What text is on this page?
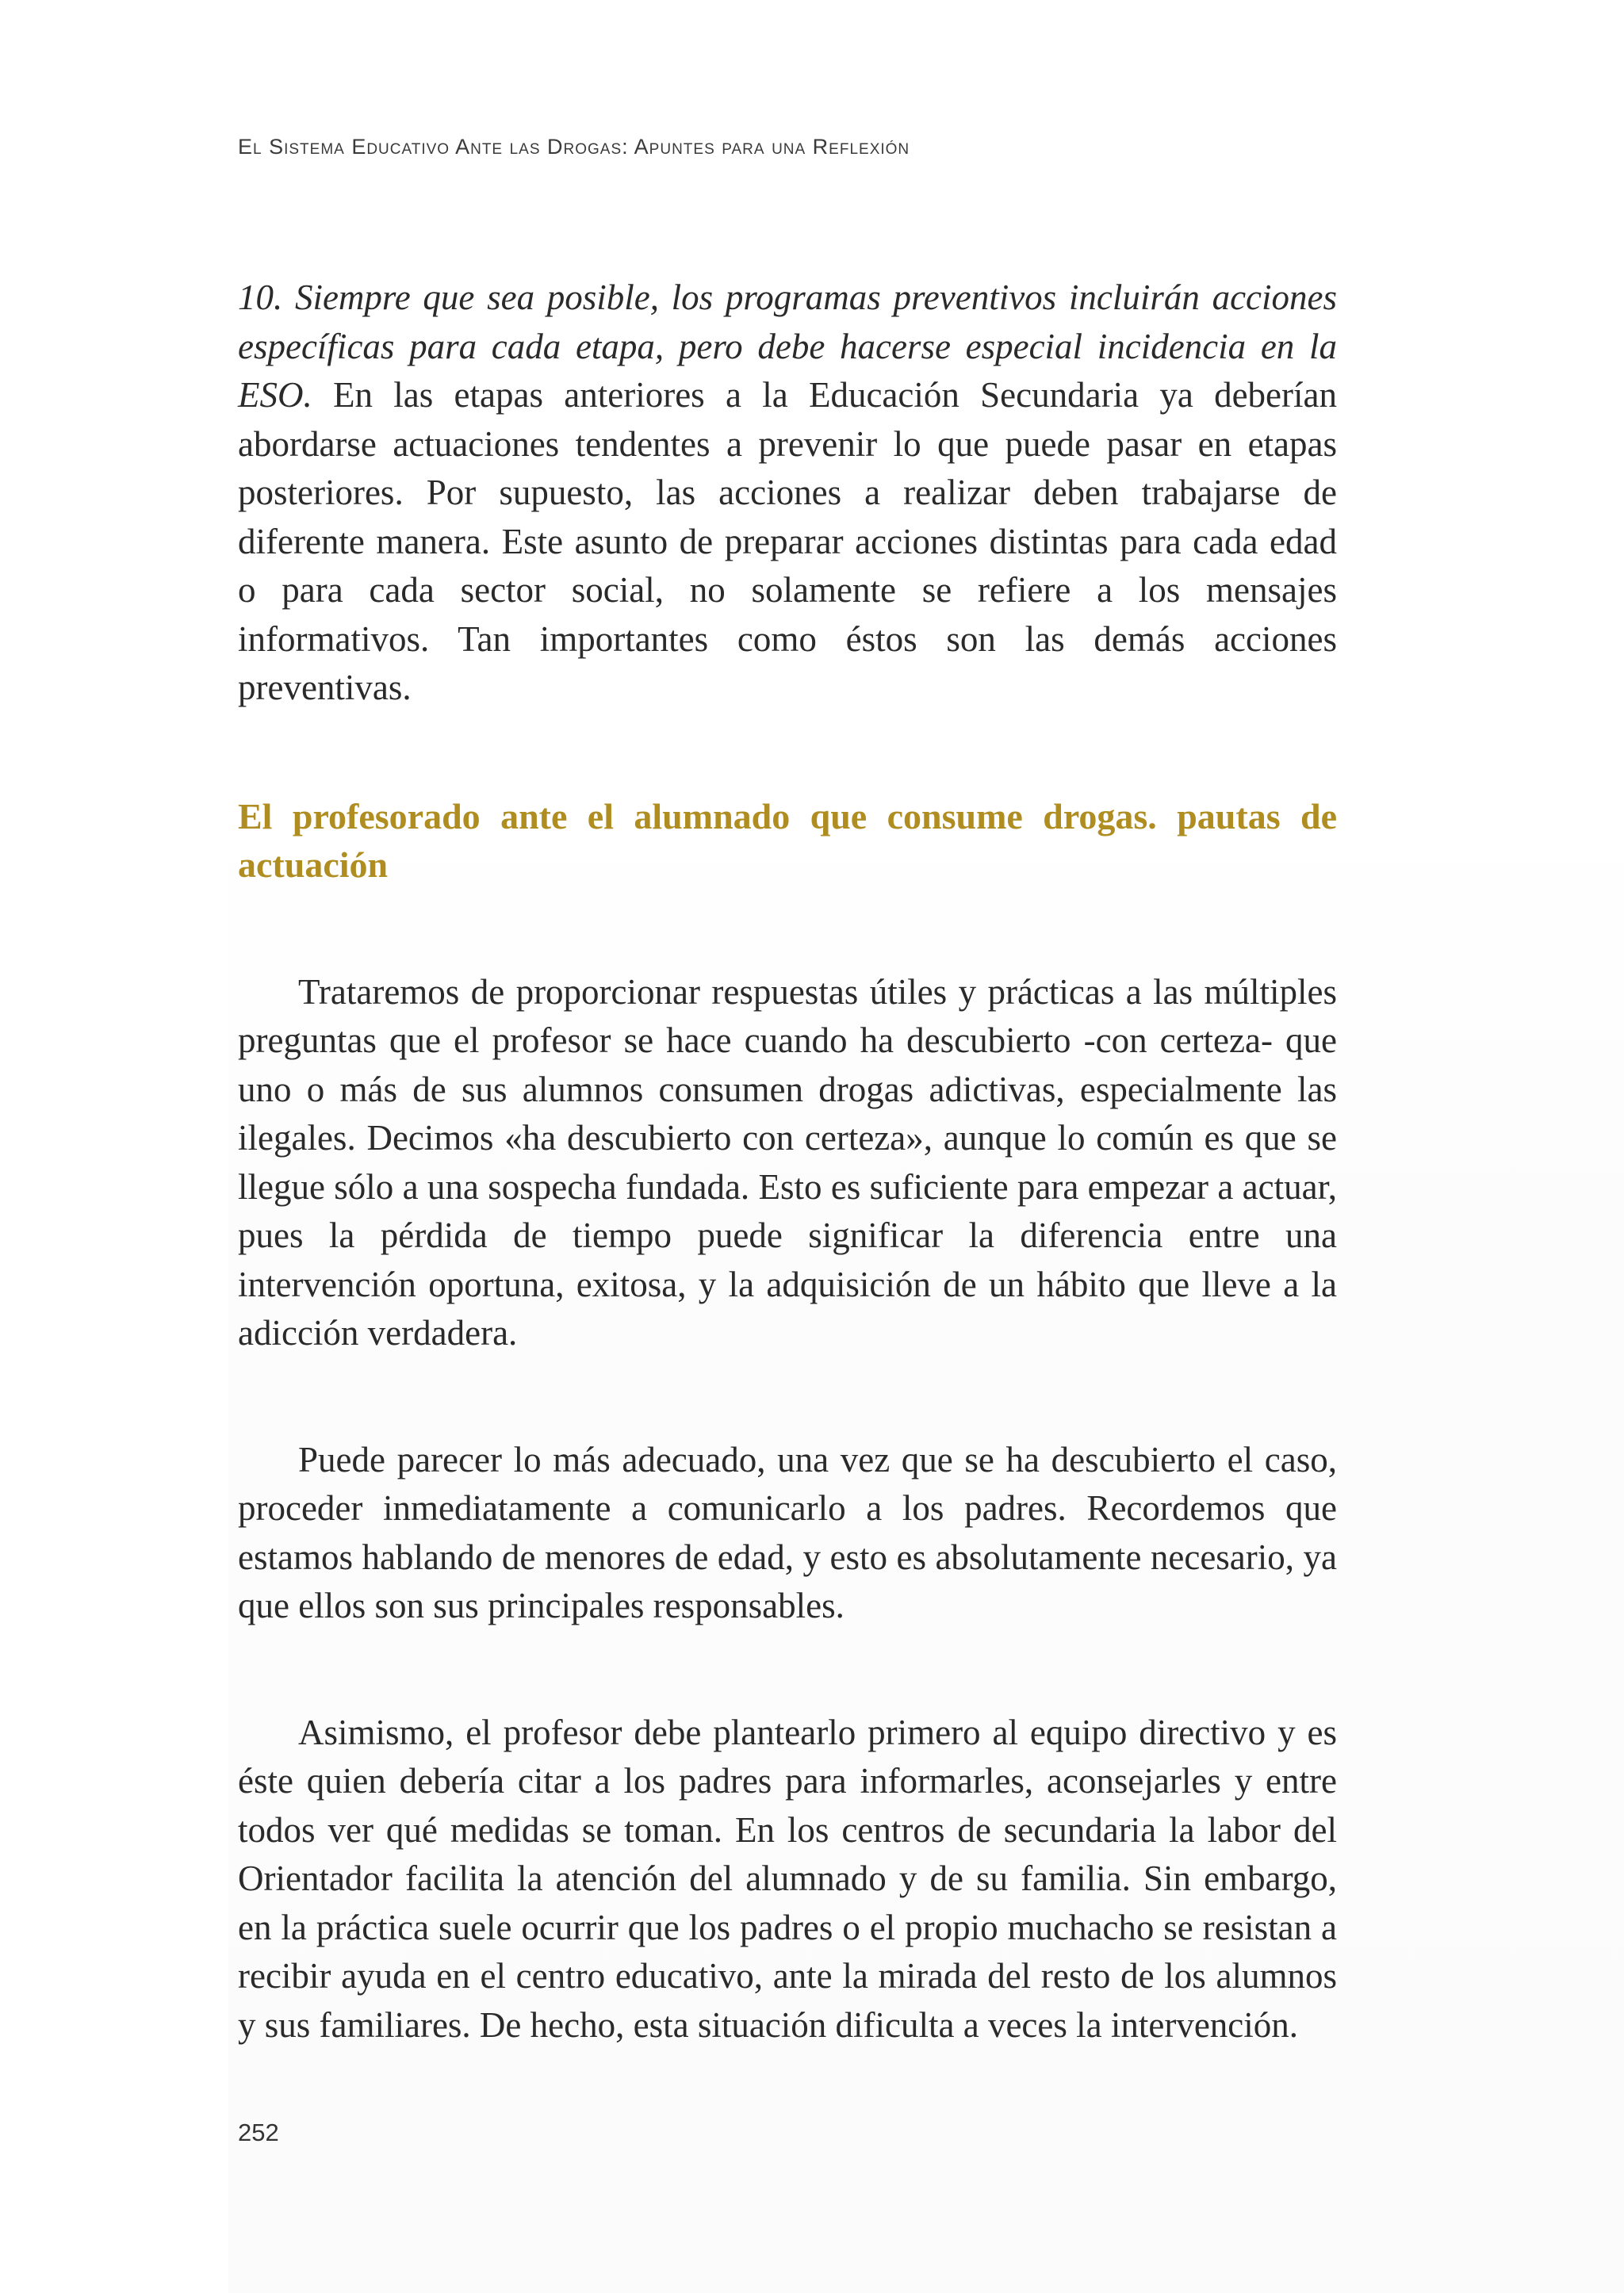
El Sistema Educativo Ante las Drogas: Apuntes para una Reflexión

10. Siempre que sea posible, los programas preventivos incluirán acciones específicas para cada etapa, pero debe hacerse especial incidencia en la ESO. En las etapas anteriores a la Educación Secundaria ya deberían abordarse actuaciones tendentes a prevenir lo que puede pasar en etapas posteriores. Por supuesto, las acciones a realizar deben trabajarse de diferente manera. Este asunto de preparar acciones distintas para cada edad o para cada sector social, no solamente se refiere a los mensajes informativos. Tan importantes como éstos son las demás acciones preventivas.

El profesorado ante el alumnado que consume drogas. pautas de actuación

Trataremos de proporcionar respuestas útiles y prácticas a las múltiples preguntas que el profesor se hace cuando ha descubierto -con certeza- que uno o más de sus alumnos consumen drogas adictivas, especialmente las ilegales. Decimos «ha descubierto con certeza», aunque lo común es que se llegue sólo a una sospecha fundada. Esto es suficiente para empezar a actuar, pues la pérdida de tiempo puede significar la diferencia entre una intervención oportuna, exitosa, y la adquisición de un hábito que lleve a la adicción verdadera.

Puede parecer lo más adecuado, una vez que se ha descubierto el caso, proceder inmediatamente a comunicarlo a los padres. Recordemos que estamos hablando de menores de edad, y esto es absolutamente necesario, ya que ellos son sus principales responsables.

Asimismo, el profesor debe plantearlo primero al equipo directivo y es éste quien debería citar a los padres para informarles, aconsejarles y entre todos ver qué medidas se toman. En los centros de secundaria la labor del Orientador facilita la atención del alumnado y de su familia. Sin embargo, en la práctica suele ocurrir que los padres o el propio muchacho se resistan a recibir ayuda en el centro educativo, ante la mirada del resto de los alumnos y sus familiares. De hecho, esta situación dificulta a veces la intervención.

252
